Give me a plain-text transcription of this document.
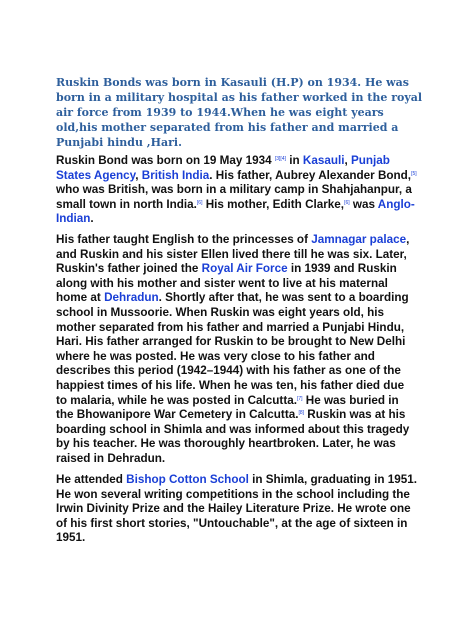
Ruskin Bonds was born in Kasauli (H.P) on 1934. He was born in a military hospital as his father worked in the royal air force from 1939 to 1944.When he was eight years old,his mother separated from his father and married a Punjabi hindu ,Hari.

Ruskin Bond was born on 19 May 1934 [3][4] in Kasauli, Punjab States Agency, British India. His father, Aubrey Alexander Bond,[5] who was British, was born in a military camp in Shahjahanpur, a small town in north India.[6] His mother, Edith Clarke,[6] was Anglo-Indian.

His father taught English to the princesses of Jamnagar palace, and Ruskin and his sister Ellen lived there till he was six. Later, Ruskin's father joined the Royal Air Force in 1939 and Ruskin along with his mother and sister went to live at his maternal home at Dehradun. Shortly after that, he was sent to a boarding school in Mussoorie. When Ruskin was eight years old, his mother separated from his father and married a Punjabi Hindu, Hari. His father arranged for Ruskin to be brought to New Delhi where he was posted. He was very close to his father and describes this period (1942–1944) with his father as one of the happiest times of his life. When he was ten, his father died due to malaria, while he was posted in Calcutta.[7] He was buried in the Bhowanipore War Cemetery in Calcutta.[8] Ruskin was at his boarding school in Shimla and was informed about this tragedy by his teacher. He was thoroughly heartbroken. Later, he was raised in Dehradun.

He attended Bishop Cotton School in Shimla, graduating in 1951. He won several writing competitions in the school including the Irwin Divinity Prize and the Hailey Literature Prize. He wrote one of his first short stories, "Untouchable", at the age of sixteen in 1951.
